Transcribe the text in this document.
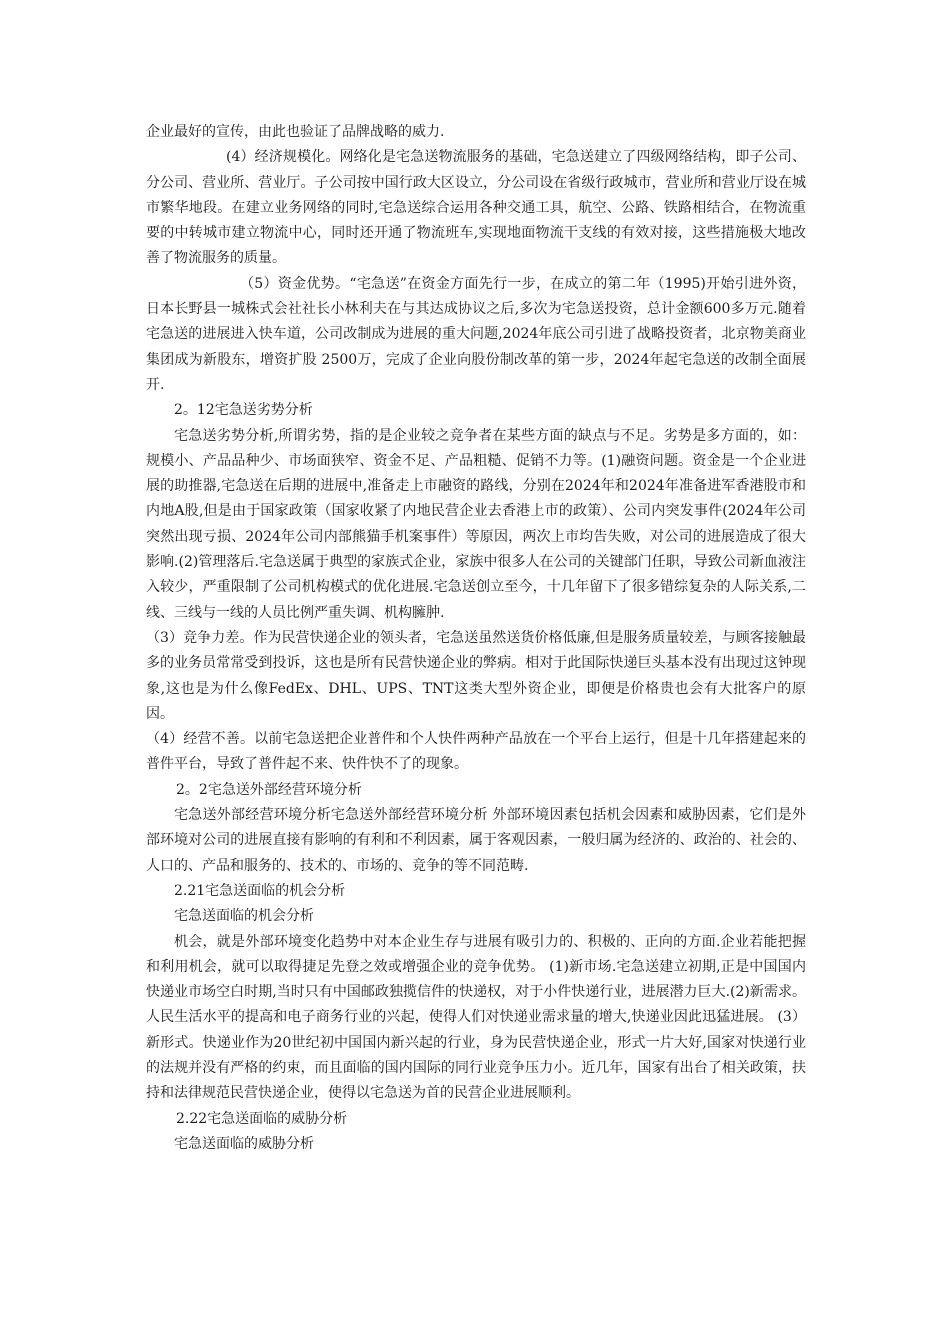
企业最好的宣传，由此也验证了品牌战略的威力.

(4）经济规模化。网络化是宅急送物流服务的基础，宅急送建立了四级网络结构，即子公司、分公司、营业所、营业厅。子公司按中国行政大区设立，分公司设在省级行政城市，营业所和营业厅设在城市繁华地段。在建立业务网络的同时,宅急送综合运用各种交通工具，航空、公路、铁路相结合，在物流重要的中转城市建立物流中心，同时还开通了物流班车,实现地面物流干支线的有效对接，这些措施极大地改善了物流服务的质量。

（5）资金优势。“宅急送”在资金方面先行一步，在成立的第二年（1995)开始引进外资，日本长野县一城株式会社社长小林利夫在与其达成协议之后,多次为宅急送投资，总计金额600多万元.随着宅急送的进展进入快车道，公司改制成为进展的重大问题,2024年底公司引进了战略投资者，北京物美商业集团成为新股东，增资扩股 2500万，完成了企业向股份制改革的第一步，2024年起宅急送的改制全面展开.

2。12宅急送劣势分析

宅急送劣势分析,所谓劣势，指的是企业较之竞争者在某些方面的缺点与不足。劣势是多方面的，如：规模小、产品品种少、市场面狭窄、资金不足、产品粗糙、促销不力等。(1)融资问题。资金是一个企业进展的助推器,宅急送在后期的进展中,准备走上市融资的路线，分别在2024年和2024年准备进军香港股市和内地A股,但是由于国家政策（国家收紧了内地民营企业去香港上市的政策）、公司内突发事件(2024年公司突然出现亏损、2024年公司内部熊猫手机案事件）等原因，两次上市均告失败，对公司的进展造成了很大影响.(2)管理落后.宅急送属于典型的家族式企业，家族中很多人在公司的关键部门任职，导致公司新血液注入较少，严重限制了公司机构模式的优化进展.宅急送创立至今，十几年留下了很多错综复杂的人际关系,二线、三线与一线的人员比例严重失调、机构臃肿.

（3）竞争力差。作为民营快递企业的领头者，宅急送虽然送货价格低廉,但是服务质量较差，与顾客接触最多的业务员常常受到投诉，这也是所有民营快递企业的弊病。相对于此国际快递巨头基本没有出现过这钟现象,这也是为什么像FedEx、DHL、UPS、TNT这类大型外资企业，即便是价格贵也会有大批客户的原因。

（4）经营不善。以前宅急送把企业普件和个人快件两种产品放在一个平台上运行，但是十几年搭建起来的普件平台，导致了普件起不来、快件快不了的现象。

2。2宅急送外部经营环境分析

宅急送外部经营环境分析宅急送外部经营环境分析 外部环境因素包括机会因素和威胁因素，它们是外部环境对公司的进展直接有影响的有利和不利因素，属于客观因素，一般归属为经济的、政治的、社会的、人口的、产品和服务的、技术的、市场的、竞争的等不同范畴.

2.21宅急送面临的机会分析

宅急送面临的机会分析

机会，就是外部环境变化趋势中对本企业生存与进展有吸引力的、积极的、正向的方面.企业若能把握和利用机会，就可以取得捷足先登之效或增强企业的竞争优势。 (1)新市场.宅急送建立初期,正是中国国内快递业市场空白时期,当时只有中国邮政独揽信件的快递权，对于小件快递行业，进展潜力巨大.(2)新需求。人民生活水平的提高和电子商务行业的兴起，使得人们对快递业需求量的增大,快递业因此迅猛进展。 (3）新形式。快递业作为20世纪初中国国内新兴起的行业，身为民营快递企业，形式一片大好,国家对快递行业的法规并没有严格的约束，而且面临的国内国际的同行业竞争压力小。近几年，国家有出台了相关政策，扶持和法律规范民营快递企业，使得以宅急送为首的民营企业进展顺利。

2.22宅急送面临的威胁分析

宅急送面临的威胁分析
